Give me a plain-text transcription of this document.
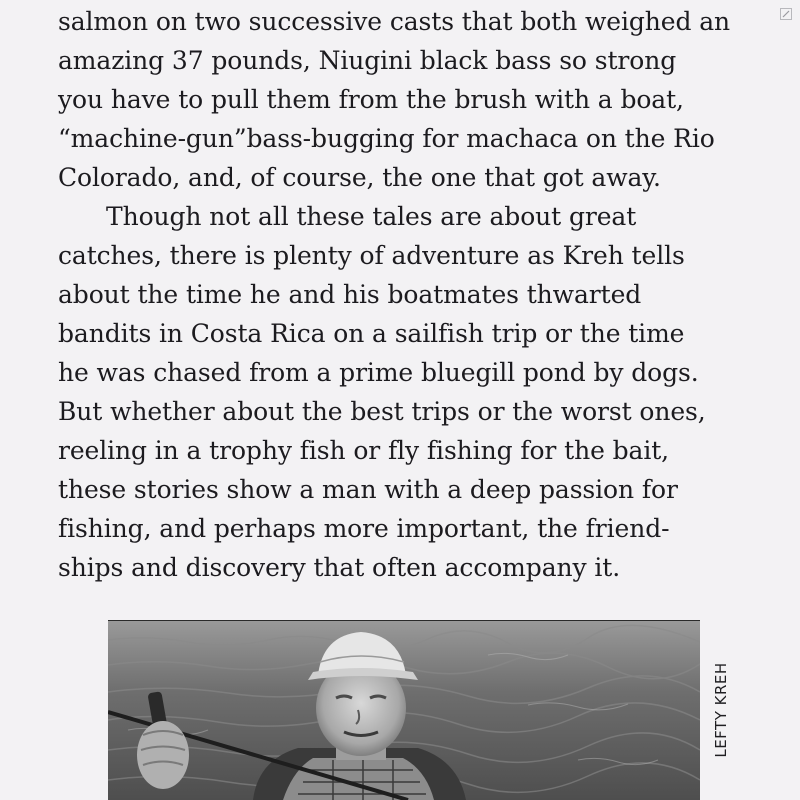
salmon on two successive casts that both weighed an
amazing 37 pounds, Niugini black bass so strong
you have to pull them from the brush with a boat,
“machine-gun”bass-bugging for machaca on the Rio
Colorado, and, of course, the one that got away.
Though not all these tales are about great
catches, there is plenty of adventure as Kreh tells
about the time he and his boatmates thwarted
bandits in Costa Rica on a sailfish trip or the time
he was chased from a prime bluegill pond by dogs.
But whether about the best trips or the worst ones,
reeling in a trophy fish or fly fishing for the bait,
these stories show a man with a deep passion for
fishing, and perhaps more important, the friend-
ships and discovery that often accompany it.
LEFTY KREH
